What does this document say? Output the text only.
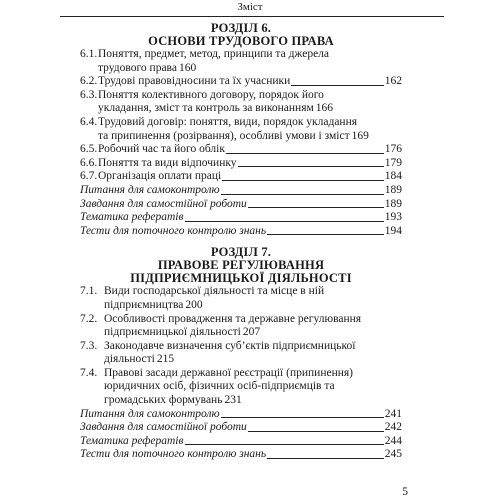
Зміст
РОЗДІЛ 6.
ОСНОВИ ТРУДОВОГО ПРАВА
6.1. Поняття, предмет, метод, принципи та джерела
трудового права 160
6.2. Трудові правовідносини та їх учасники	162
6.3. Поняття колективного договору, порядок його
укладання, зміст та контроль за виконанням 166
6.4. Трудовий договір: поняття, види, порядок укладання
та припинення (розірвання), особливі умови і зміст 169
6.5. Робочий час та його облік	176
6.6. Поняття та види відпочинку	179
6.7. Організація оплати праці	184
Питання для самоконтролю	189
Завдання для самостійної роботи	189
Тематика рефератів	193
Тести для поточного контролю знань	194
РОЗДІЛ 7.
ПРАВОВЕ РЕГУЛЮВАННЯ
ПІДПРИЄМНИЦЬКОЇ ДІЯЛЬНОСТІ
7.1. Види господарської діяльності та місце в ній
підприємництва 200
7.2. Особливості провадження та державне регулювання
підприємницької діяльності 207
7.3. Законодавче визначення суб’єктів підприємницької
діяльності 215
7.4. Правові засади державної реєстрації (припинення)
юридичних осіб, фізичних осіб-підприємців та
громадських формувань 231
Питання для самоконтролю	241
Завдання для самостійної роботи	242
Тематика рефератів	244
Тести для поточного контролю знань	245
5
